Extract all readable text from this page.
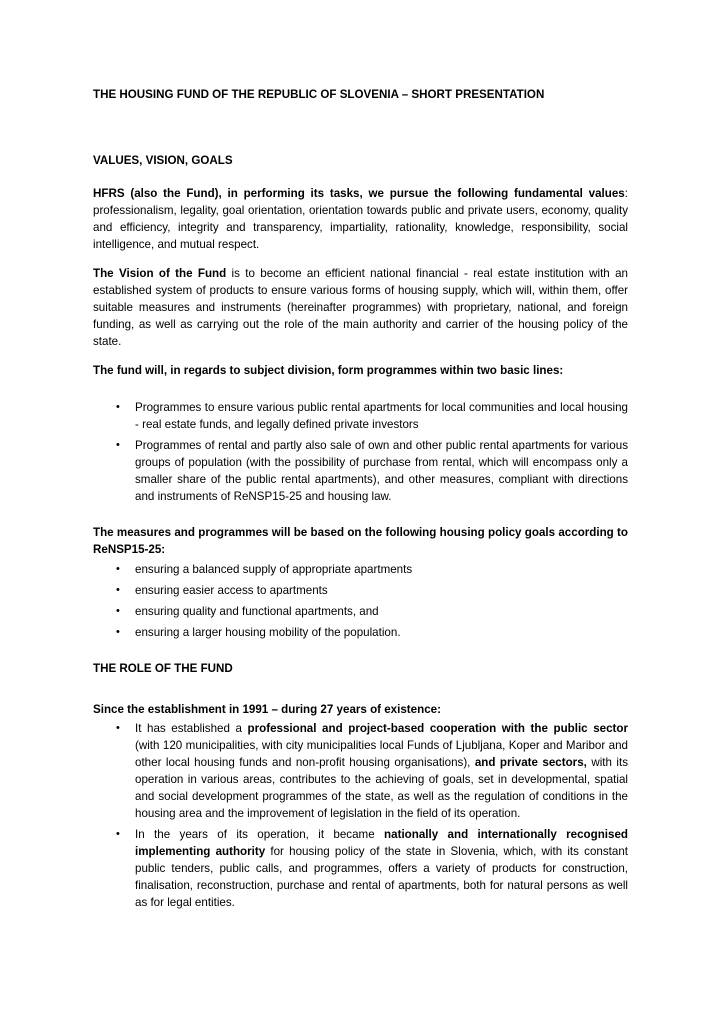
THE HOUSING FUND OF THE REPUBLIC OF SLOVENIA – SHORT PRESENTATION

VALUES, VISION, GOALS

HFRS (also the Fund), in performing its tasks, we pursue the following fundamental values: professionalism, legality, goal orientation, orientation towards public and private users, economy, quality and efficiency, integrity and transparency, impartiality, rationality, knowledge, responsibility, social intelligence, and mutual respect.

The Vision of the Fund is to become an efficient national financial - real estate institution with an established system of products to ensure various forms of housing supply, which will, within them, offer suitable measures and instruments (hereinafter programmes) with proprietary, national, and foreign funding, as well as carrying out the role of the main authority and carrier of the housing policy of the state.

The fund will, in regards to subject division, form programmes within two basic lines:

• Programmes to ensure various public rental apartments for local communities and local housing - real estate funds, and legally defined private investors
• Programmes of rental and partly also sale of own and other public rental apartments for various groups of population (with the possibility of purchase from rental, which will encompass only a smaller share of the public rental apartments), and other measures, compliant with directions and instruments of ReNSP15-25 and housing law.

The measures and programmes will be based on the following housing policy goals according to ReNSP15-25:

• ensuring a balanced supply of appropriate apartments
• ensuring easier access to apartments
• ensuring quality and functional apartments, and
• ensuring a larger housing mobility of the population.

THE ROLE OF THE FUND

Since the establishment in 1991 – during 27 years of existence:

• It has established a professional and project-based cooperation with the public sector (with 120 municipalities, with city municipalities local Funds of Ljubljana, Koper and Maribor and other local housing funds and non-profit housing organisations), and private sectors, with its operation in various areas, contributes to the achieving of goals, set in developmental, spatial and social development programmes of the state, as well as the regulation of conditions in the housing area and the improvement of legislation in the field of its operation.
• In the years of its operation, it became nationally and internationally recognised implementing authority for housing policy of the state in Slovenia, which, with its constant public tenders, public calls, and programmes, offers a variety of products for construction, finalisation, reconstruction, purchase and rental of apartments, both for natural persons as well as for legal entities.
